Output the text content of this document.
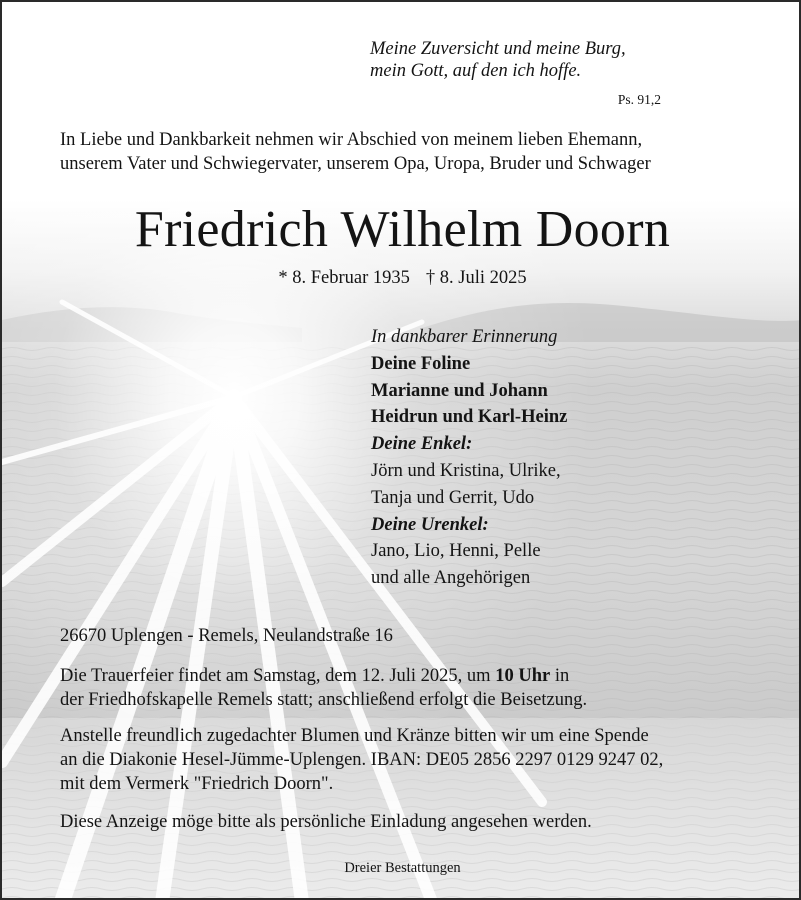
Meine Zuversicht und meine Burg,
mein Gott, auf den ich hoffe.
Ps. 91,2
In Liebe und Dankbarkeit nehmen wir Abschied von meinem lieben Ehemann,
unserem Vater und Schwiegervater, unserem Opa, Uropa, Bruder und Schwager
Friedrich Wilhelm Doorn
* 8. Februar 1935 † 8. Juli 2025
In dankbarer Erinnerung
Deine Foline
Marianne und Johann
Heidrun und Karl-Heinz
Deine Enkel:
Jörn und Kristina, Ulrike,
Tanja und Gerrit, Udo
Deine Urenkel:
Jano, Lio, Henni, Pelle
und alle Angehörigen
26670 Uplengen - Remels, Neulandstraße 16
Die Trauerfeier findet am Samstag, dem 12. Juli 2025, um 10 Uhr in
der Friedhofskapelle Remels statt; anschließend erfolgt die Beisetzung.
Anstelle freundlich zugedachter Blumen und Kränze bitten wir um eine Spende
an die Diakonie Hesel-Jümme-Uplengen. IBAN: DE05 2856 2297 0129 9247 02,
mit dem Vermerk "Friedrich Doorn".
Diese Anzeige möge bitte als persönliche Einladung angesehen werden.
Dreier Bestattungen
